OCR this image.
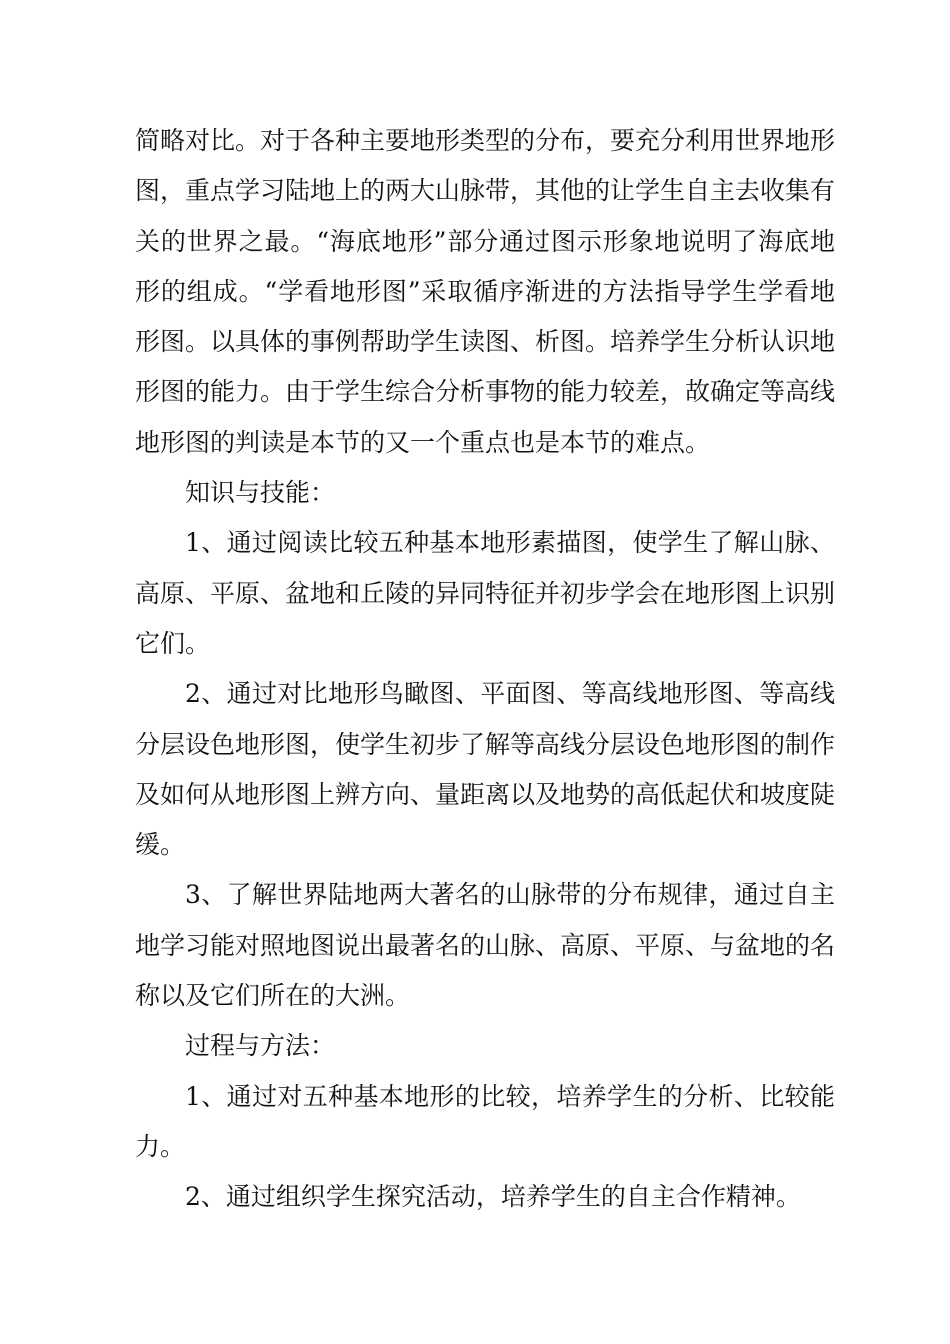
简略对比。对于各种主要地形类型的分布，要充分利用世界地形图，重点学习陆地上的两大山脉带，其他的让学生自主去收集有关的世界之最。“海底地形”部分通过图示形象地说明了海底地形的组成。“学看地形图”采取循序渐进的方法指导学生学看地形图。以具体的事例帮助学生读图、析图。培养学生分析认识地形图的能力。由于学生综合分析事物的能力较差，故确定等高线地形图的判读是本节的又一个重点也是本节的难点。

知识与技能：

1、通过阅读比较五种基本地形素描图，使学生了解山脉、高原、平原、盆地和丘陵的异同特征并初步学会在地形图上识别它们。

2、通过对比地形鸟瞰图、平面图、等高线地形图、等高线分层设色地形图，使学生初步了解等高线分层设色地形图的制作及如何从地形图上辨方向、量距离以及地势的高低起伏和坡度陡缓。

3、了解世界陆地两大著名的山脉带的分布规律，通过自主地学习能对照地图说出最著名的山脉、高原、平原、与盆地的名称以及它们所在的大洲。

过程与方法：

1、通过对五种基本地形的比较，培养学生的分析、比较能力。

2、通过组织学生探究活动，培养学生的自主合作精神。
